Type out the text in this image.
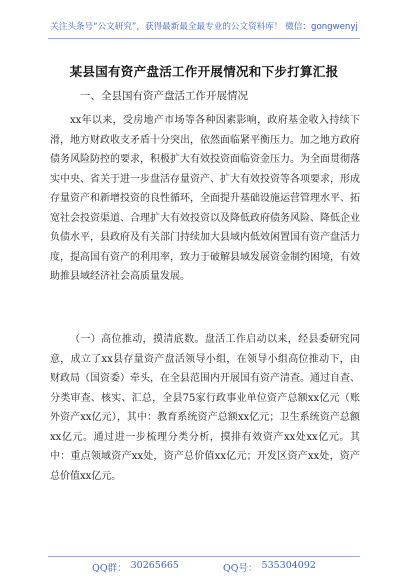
关注头条号“公文研究”，获得最新最全最专业的公文资料库！ 微信：gongwenyj
某县国有资产盘活工作开展情况和下步打算汇报
一、全县国有资产盘活工作开展情况
xx年以来，受房地产市场等各种因素影响，政府基金收入持续下滑，地方财政收支矛盾十分突出，依然面临紧平衡压力。加之地方政府债务风险防控的要求，积极扩大有效投资面临资金压力。为全面贯彻落实中央、省关于进一步盘活存量资产、扩大有效投资等各项要求，形成存量资产和新增投资的良性循环，全面提升基础设施运营管理水平、拓宽社会投资渠道、合理扩大有效投资以及降低政府债务风险、降低企业负债水平，县政府及有关部门持续加大县域内低效闲置国有资产盘活力度，提高国有资产的利用率，致力于破解县域发展资金制约困境，有效助推县域经济社会高质量发展。
（一）高位推动，摸清底数。盘活工作启动以来，经县委研究同意，成立了xx县存量资产盘活领导小组，在领导小组高位推动下，由财政局（国资委）牵头，在全县范围内开展国有资产清查。通过自查、分类审查、核实、汇总，全县75家行政事业单位资产总额xx亿元（账外资产xx亿元），其中：教育系统资产总额xx亿元；卫生系统资产总额xx亿元。通过进一步梳理分类分析，摸排有效资产xx处xx亿元。其中：重点领域资产xx处，资产总价值xx亿元；开发区资产xx处，资产总价值xx亿元。
QQ群： 30265665	QQ号： 535304092
